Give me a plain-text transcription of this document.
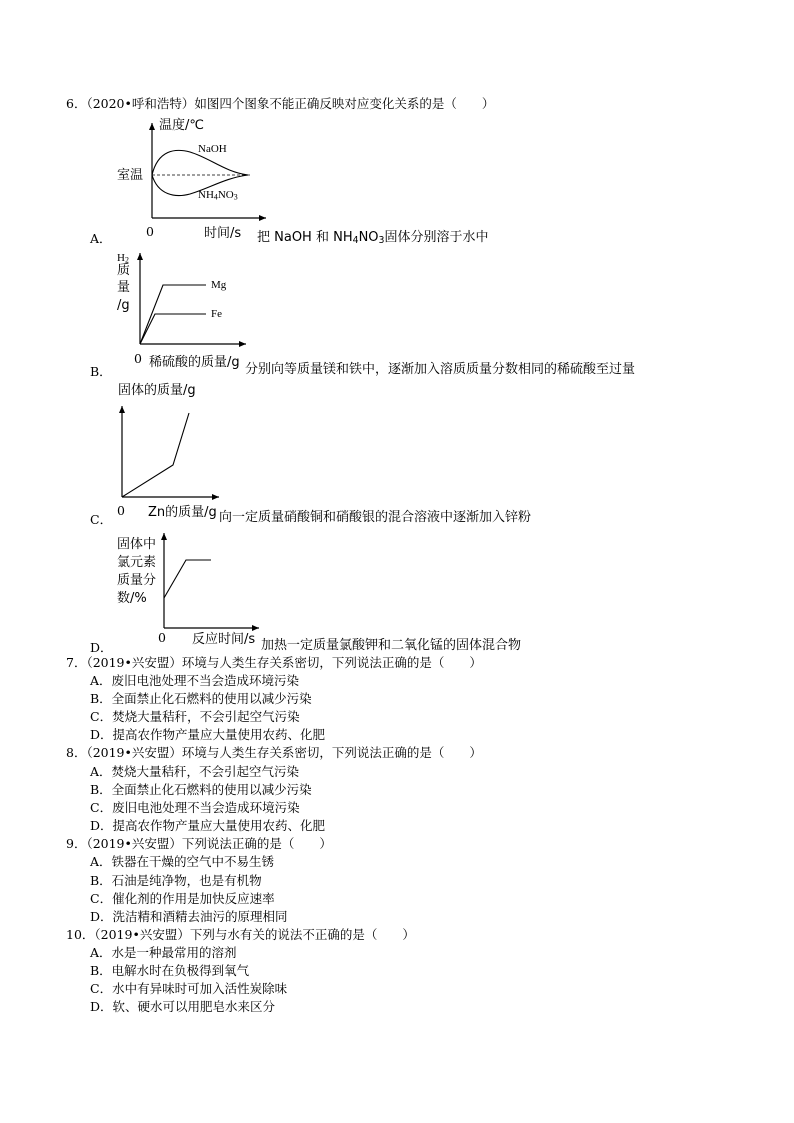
6．（2020•呼和浩特）如图四个图象不能正确反映对应变化关系的是（　　）
温度/℃
NaOH
$NH_4NO_3$
室温
0	时间/s
A．	把 NaOH 和 $NH_4NO_3$固体分别溶于水中
$H_2$
质
量
/g
Mg
Fe
0 稀硫酸的质量/g
B．	分别向等质量镁和铁中，逐渐加入溶质质量分数相同的稀硫酸至过量
固体的质量/g
0 Zn的质量/g
C．	向一定质量硝酸铜和硝酸银的混合溶液中逐渐加入锌粉
固体中
氯元素
质量分
数/%
0 反应时间/s
D．	加热一定质量氯酸钾和二氧化锰的固体混合物
7．（2019•兴安盟）环境与人类生存关系密切，下列说法正确的是（　　）
A．废旧电池处理不当会造成环境污染
B．全面禁止化石燃料的使用以减少污染
C．焚烧大量秸秆，不会引起空气污染
D．提高农作物产量应大量使用农药、化肥
8．（2019•兴安盟）环境与人类生存关系密切，下列说法正确的是（　　）
A．焚烧大量秸秆，不会引起空气污染
B．全面禁止化石燃料的使用以减少污染
C．废旧电池处理不当会造成环境污染
D．提高农作物产量应大量使用农药、化肥
9．（2019•兴安盟）下列说法正确的是（　　）
A．铁器在干燥的空气中不易生锈
B．石油是纯净物，也是有机物
C．催化剂的作用是加快反应速率
D．洗洁精和酒精去油污的原理相同
10．（2019•兴安盟）下列与水有关的说法不正确的是（　　）
A．水是一种最常用的溶剂
B．电解水时在负极得到氧气
C．水中有异味时可加入活性炭除味
D．软、硬水可以用肥皂水来区分
